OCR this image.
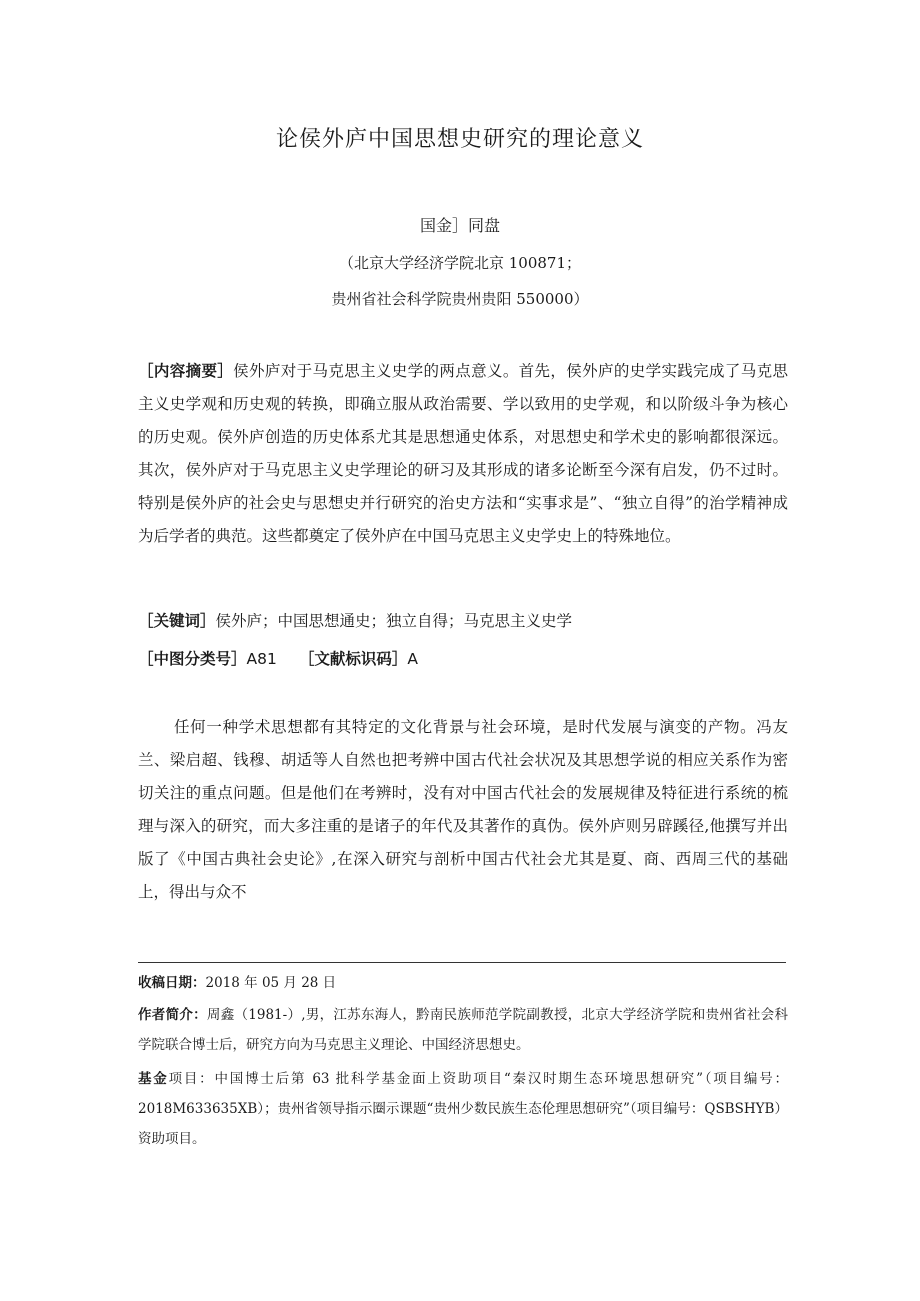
论侯外庐中国思想史研究的理论意义
国金］同盘
（北京大学经济学院北京 100871；
贵州省社会科学院贵州贵阳 550000）
［内容摘要］侯外庐对于马克思主义史学的两点意义。首先，侯外庐的史学实践完成了马克思主义史学观和历史观的转换，即确立服从政治需要、学以致用的史学观，和以阶级斗争为核心的历史观。侯外庐创造的历史体系尤其是思想通史体系，对思想史和学术史的影响都很深远。其次，侯外庐对于马克思主义史学理论的研习及其形成的诸多论断至今深有启发，仍不过时。特别是侯外庐的社会史与思想史并行研究的治史方法和“实事求是”、“独立自得”的治学精神成为后学者的典范。这些都奠定了侯外庐在中国马克思主义史学史上的特殊地位。
［关键词］侯外庐；中国思想通史；独立自得；马克思主义史学
［中图分类号］A81 ［文献标识码］A

任何一种学术思想都有其特定的文化背景与社会环境，是时代发展与演变的产物。冯友兰、梁启超、钱穆、胡适等人自然也把考辨中国古代社会状况及其思想学说的相应关系作为密切关注的重点问题。但是他们在考辨时，没有对中国古代社会的发展规律及特征进行系统的梳理与深入的研究，而大多注重的是诸子的年代及其著作的真伪。侯外庐则另辟蹊径,他撰写并出版了《中国古典社会史论》,在深入研究与剖析中国古代社会尤其是夏、商、西周三代的基础上，得出与众不

收稿日期：2018 年 05 月 28 日
作者简介：周鑫（1981-）,男，江苏东海人，黔南民族师范学院副教授，北京大学经济学院和贵州省社会科学院联合博士后，研究方向为马克思主义理论、中国经济思想史。
基金项目：中国博士后第 63 批科学基金面上资助项目“秦汉时期生态环境思想研究”（项目编号：2018M633635XB）；贵州省领导指示圈示课题“贵州少数民族生态伦理思想研究”（项目编号：QSBSHYB）资助项目。
